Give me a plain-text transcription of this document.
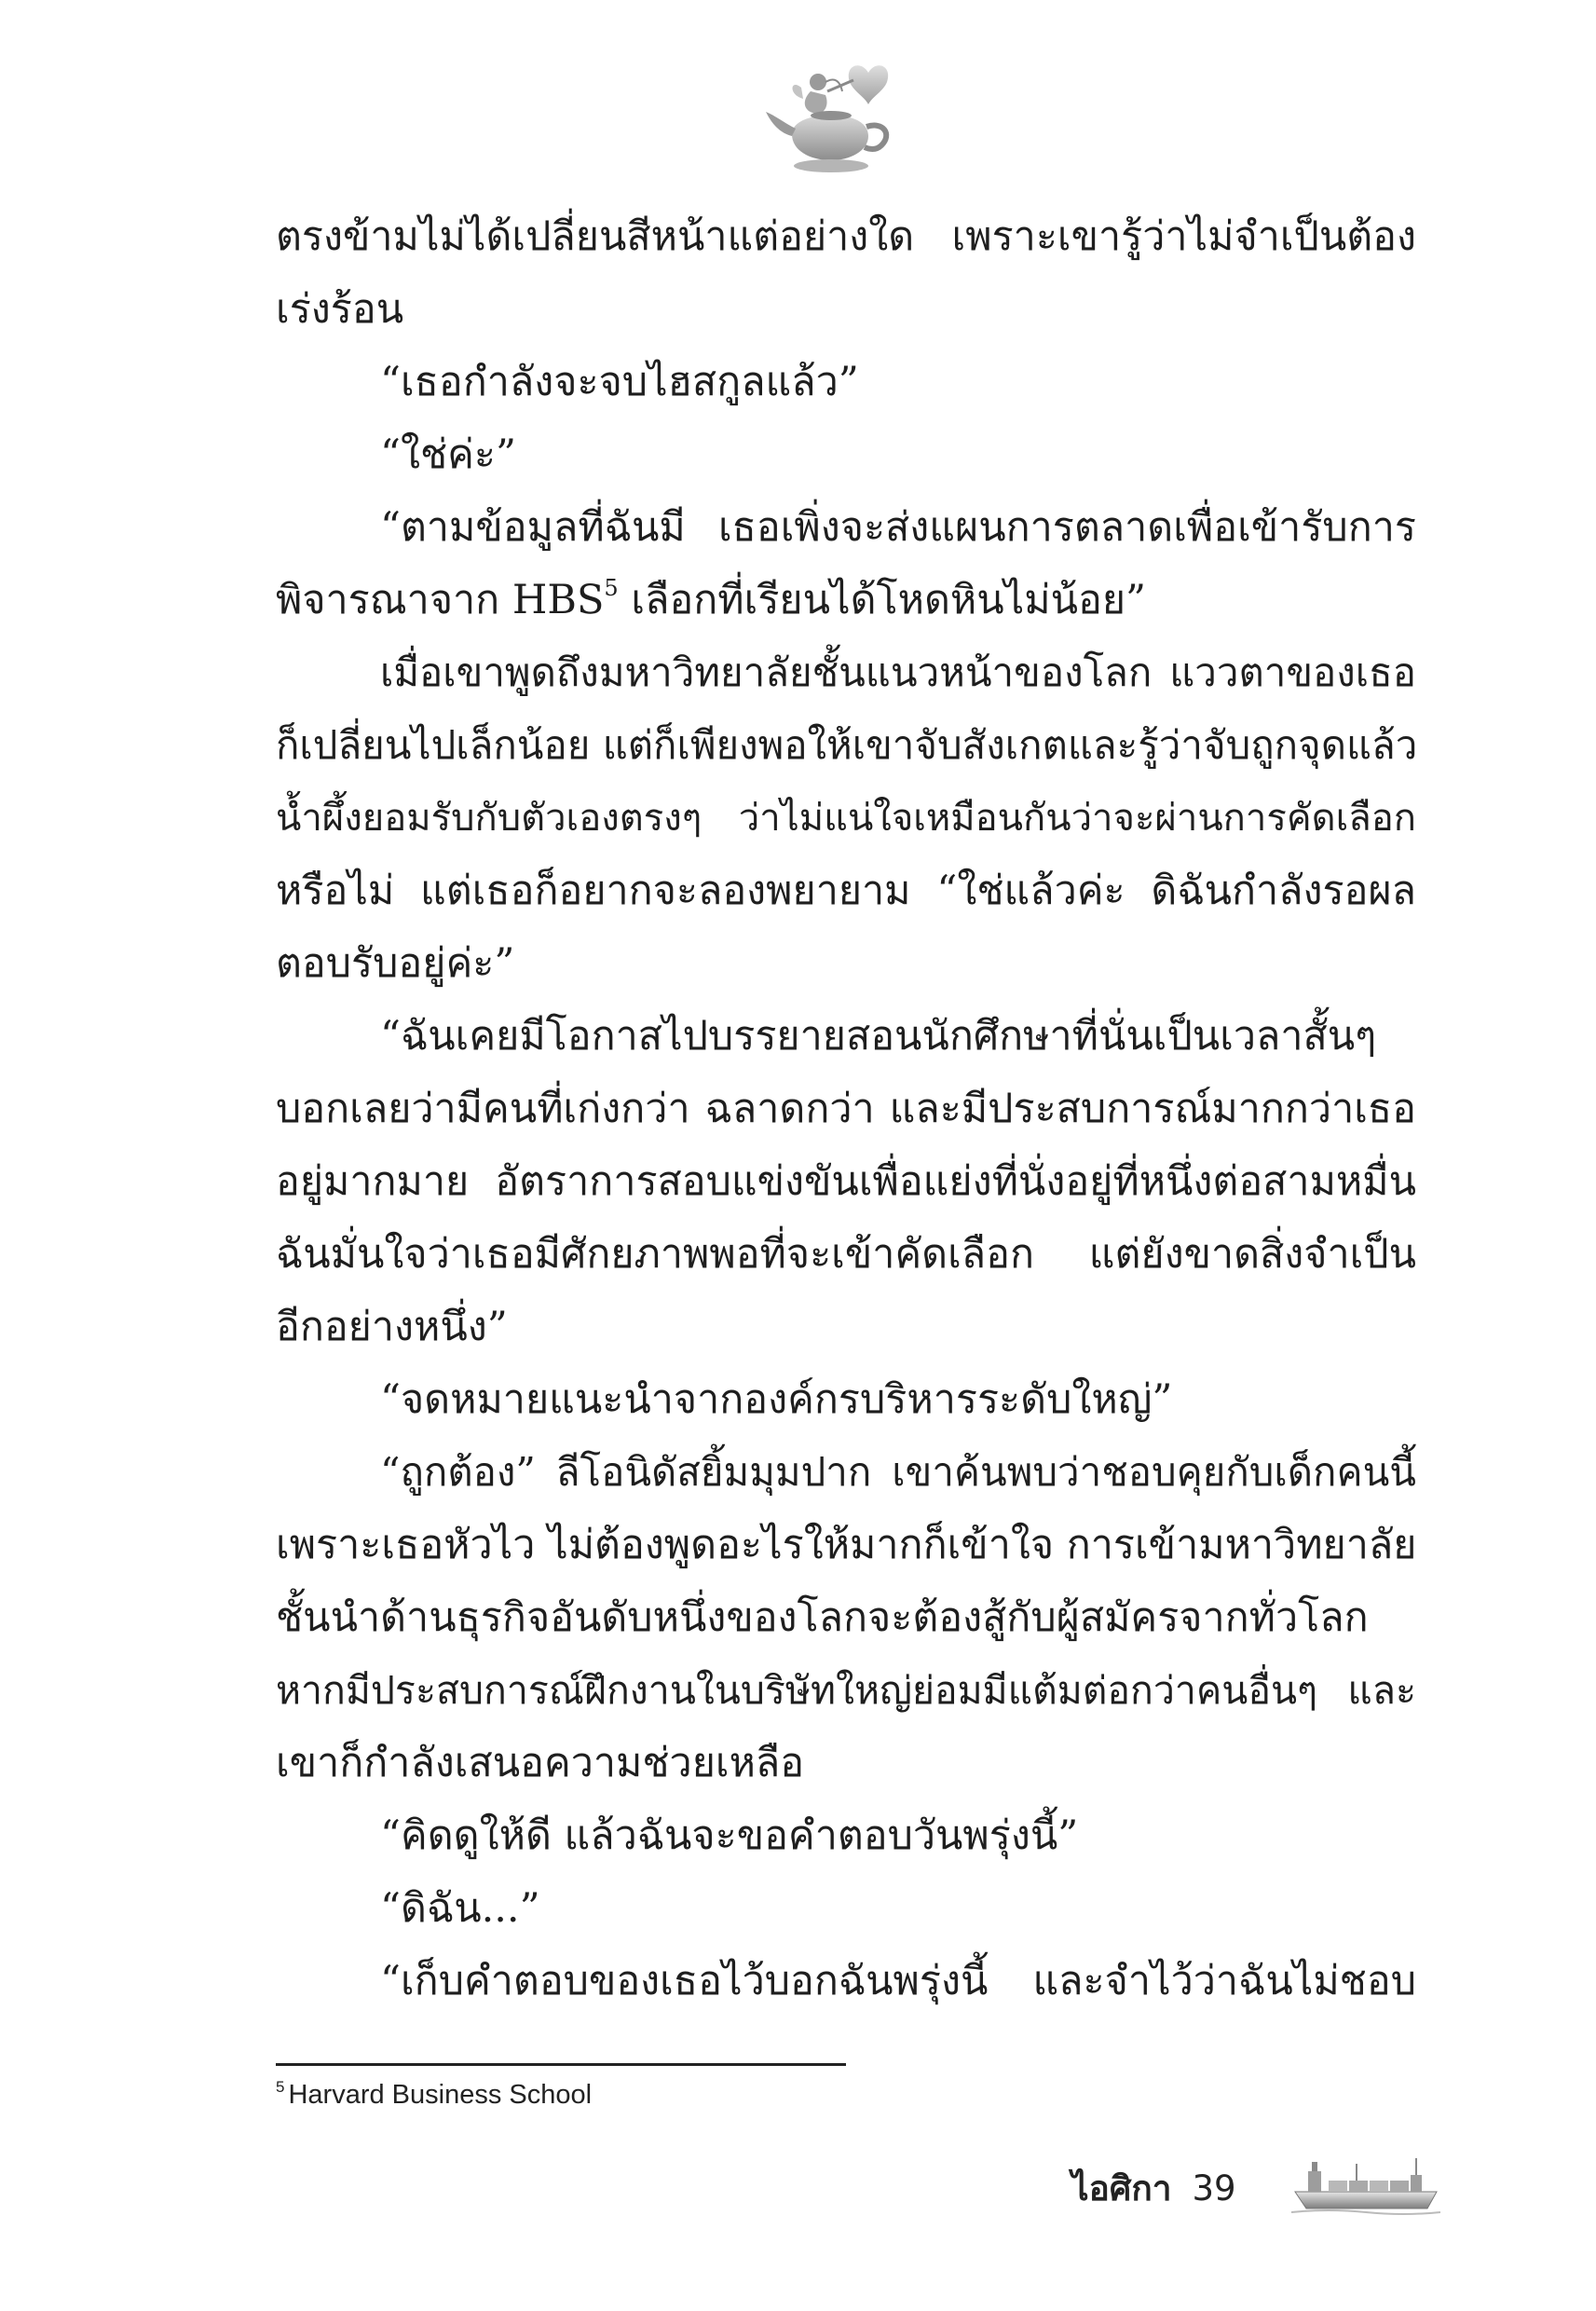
ตรงข้ามไม่ได้เปลี่ยนสีหน้าแต่อย่างใด เพราะเขารู้ว่าไม่จำเป็นต้อง
เร่งร้อน
“เธอกำลังจะจบไฮสกูลแล้ว”
“ใช่ค่ะ”
“ตามข้อมูลที่ฉันมี เธอเพิ่งจะส่งแผนการตลาดเพื่อเข้ารับการ
พิจารณาจาก HBS$^5$ เลือกที่เรียนได้โหดหินไม่น้อย”
เมื่อเขาพูดถึงมหาวิทยาลัยชั้นแนวหน้าของโลก แววตาของเธอ
ก็เปลี่ยนไปเล็กน้อย แต่ก็เพียงพอให้เขาจับสังเกตและรู้ว่าจับถูกจุดแล้ว
น้ำผึ้งยอมรับกับตัวเองตรงๆ ว่าไม่แน่ใจเหมือนกันว่าจะผ่านการคัดเลือก
หรือไม่ แต่เธอก็อยากจะลองพยายาม “ใช่แล้วค่ะ ดิฉันกำลังรอผล
ตอบรับอยู่ค่ะ”
“ฉันเคยมีโอกาสไปบรรยายสอนนักศึกษาที่นั่นเป็นเวลาสั้นๆ
บอกเลยว่ามีคนที่เก่งกว่า ฉลาดกว่า และมีประสบการณ์มากกว่าเธอ
อยู่มากมาย อัตราการสอบแข่งขันเพื่อแย่งที่นั่งอยู่ที่หนึ่งต่อสามหมื่น
ฉันมั่นใจว่าเธอมีศักยภาพพอที่จะเข้าคัดเลือก แต่ยังขาดสิ่งจำเป็น
อีกอย่างหนึ่ง”
“จดหมายแนะนำจากองค์กรบริหารระดับใหญ่”
“ถูกต้อง” ลีโอนิดัสยิ้มมุมปาก เขาค้นพบว่าชอบคุยกับเด็กคนนี้
เพราะเธอหัวไว ไม่ต้องพูดอะไรให้มากก็เข้าใจ การเข้ามหาวิทยาลัย
ชั้นนำด้านธุรกิจอันดับหนึ่งของโลกจะต้องสู้กับผู้สมัครจากทั่วโลก
หากมีประสบการณ์ฝึกงานในบริษัทใหญ่ย่อมมีแต้มต่อกว่าคนอื่นๆ และ
เขาก็กำลังเสนอความช่วยเหลือ
“คิดดูให้ดี แล้วฉันจะขอคำตอบวันพรุ่งนี้”
“ดิฉัน...”
“เก็บคำตอบของเธอไว้บอกฉันพรุ่งนี้ และจำไว้ว่าฉันไม่ชอบ
$^5$ Harvard Business School
ไอศิกา 39
